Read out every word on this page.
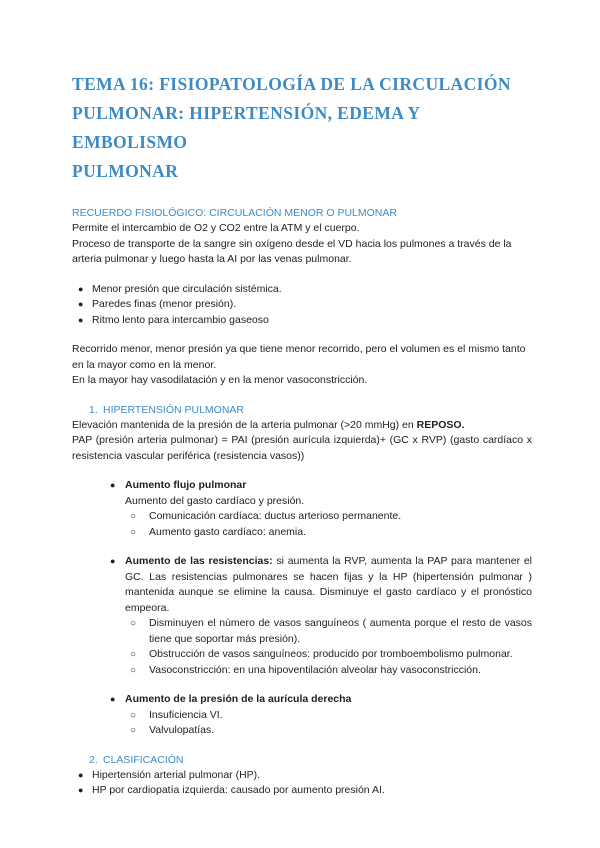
TEMA 16: FISIOPATOLOGÍA DE LA CIRCULACIÓN
PULMONAR: HIPERTENSIÓN, EDEMA Y EMBOLISMO
PULMONAR
RECUERDO FISIOLÓGICO: CIRCULACIÓN MENOR O PULMONAR

Permite el intercambio de O2 y CO2 entre la ATM y el cuerpo.

Proceso de transporte de la sangre sin oxígeno desde el VD hacia los pulmones a través de la arteria pulmonar y luego hasta la AI por las venas pulmonar.

● Menor presión que circulación sistémica.
● Paredes finas (menor presión).
● Ritmo lento para intercambio gaseoso

Recorrido menor, menor presión ya que tiene menor recorrido, pero el volumen es el mismo tanto en la mayor como en la menor.

En la mayor hay vasodilatación y en la menor vasoconstricción.

1. HIPERTENSIÓN PULMONAR

Elevación mantenida de la presión de la arteria pulmonar (>20 mmHg) en REPOSO.

PAP (presión arteria pulmonar) = PAI (presión aurícula izquierda)+ (GC x RVP) (gasto cardíaco x resistencia vascular periférica (resistencia vasos))

● Aumento flujo pulmonar

Aumento del gasto cardíaco y presión.

○ Comunicación cardíaca: ductus arterioso permanente.
○ Aumento gasto cardíaco: anemia.
● Aumento de las resistencias: si aumenta la RVP, aumenta la PAP para mantener el GC. Las resistencias pulmonares se hacen fijas y la HP (hipertensión pulmonar ) mantenida aunque se elimine la causa. Disminuye el gasto cardíaco y el pronóstico empeora.
○ Disminuyen el número de vasos sanguíneos ( aumenta porque el resto de vasos tiene que soportar más presión).
○ Obstrucción de vasos sanguíneos: producido por tromboembolismo pulmonar.
○ Vasoconstricción: en una hipoventilación alveolar hay vasoconstricción.
● Aumento de la presión de la aurícula derecha
○ Insuficiencia VI.
○ Valvulopatías.
2. CLASIFICACIÓN
● Hipertensión arterial pulmonar (HP).
● HP por cardiopatía izquierda: causado por aumento presión AI.
